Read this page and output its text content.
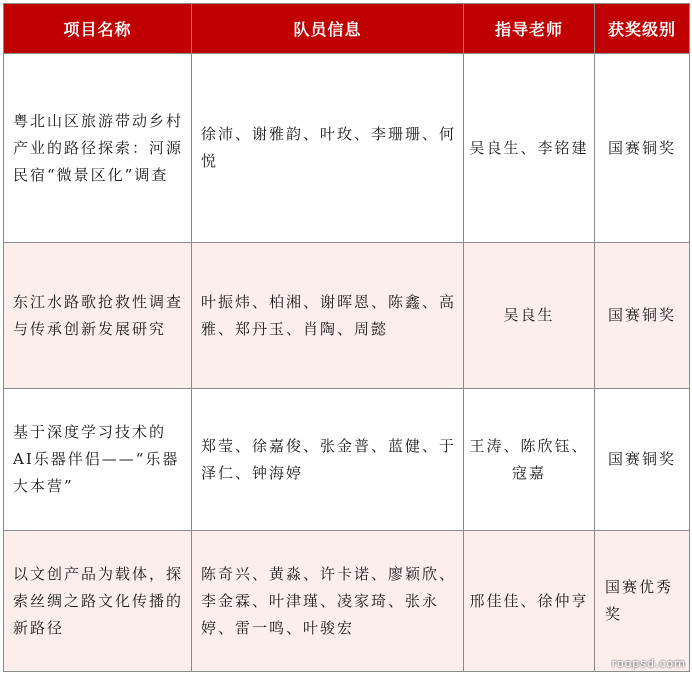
项目名称	队员信息	指导老师	获奖级别
粤北山区旅游带动乡村产业的路径探索：河源民宿“微景区化”调查	徐沛、谢雅韵、叶玫、李珊珊、何悦	吴良生、李铭建	国赛铜奖
东江水路歌抢救性调查与传承创新发展研究	叶振炜、柏湘、谢晖恩、陈鑫、高雅、郑丹玉、肖陶、周懿	吴良生	国赛铜奖
基于深度学习技术的AI乐器伴侣——“乐器大本营”	郑莹、徐嘉俊、张金普、蓝健、于泽仁、钟海婷	王涛、陈欣钰、寇嘉	国赛铜奖
以文创产品为载体，探索丝绸之路文化传播的新路径	陈奇兴、黄淼、许卡诺、廖颖欣、李金霖、叶津瑾、凌家琦、张永婷、雷一鸣、叶骏宏	邢佳佳、徐仲亨	国赛优秀奖
roopsd.com
